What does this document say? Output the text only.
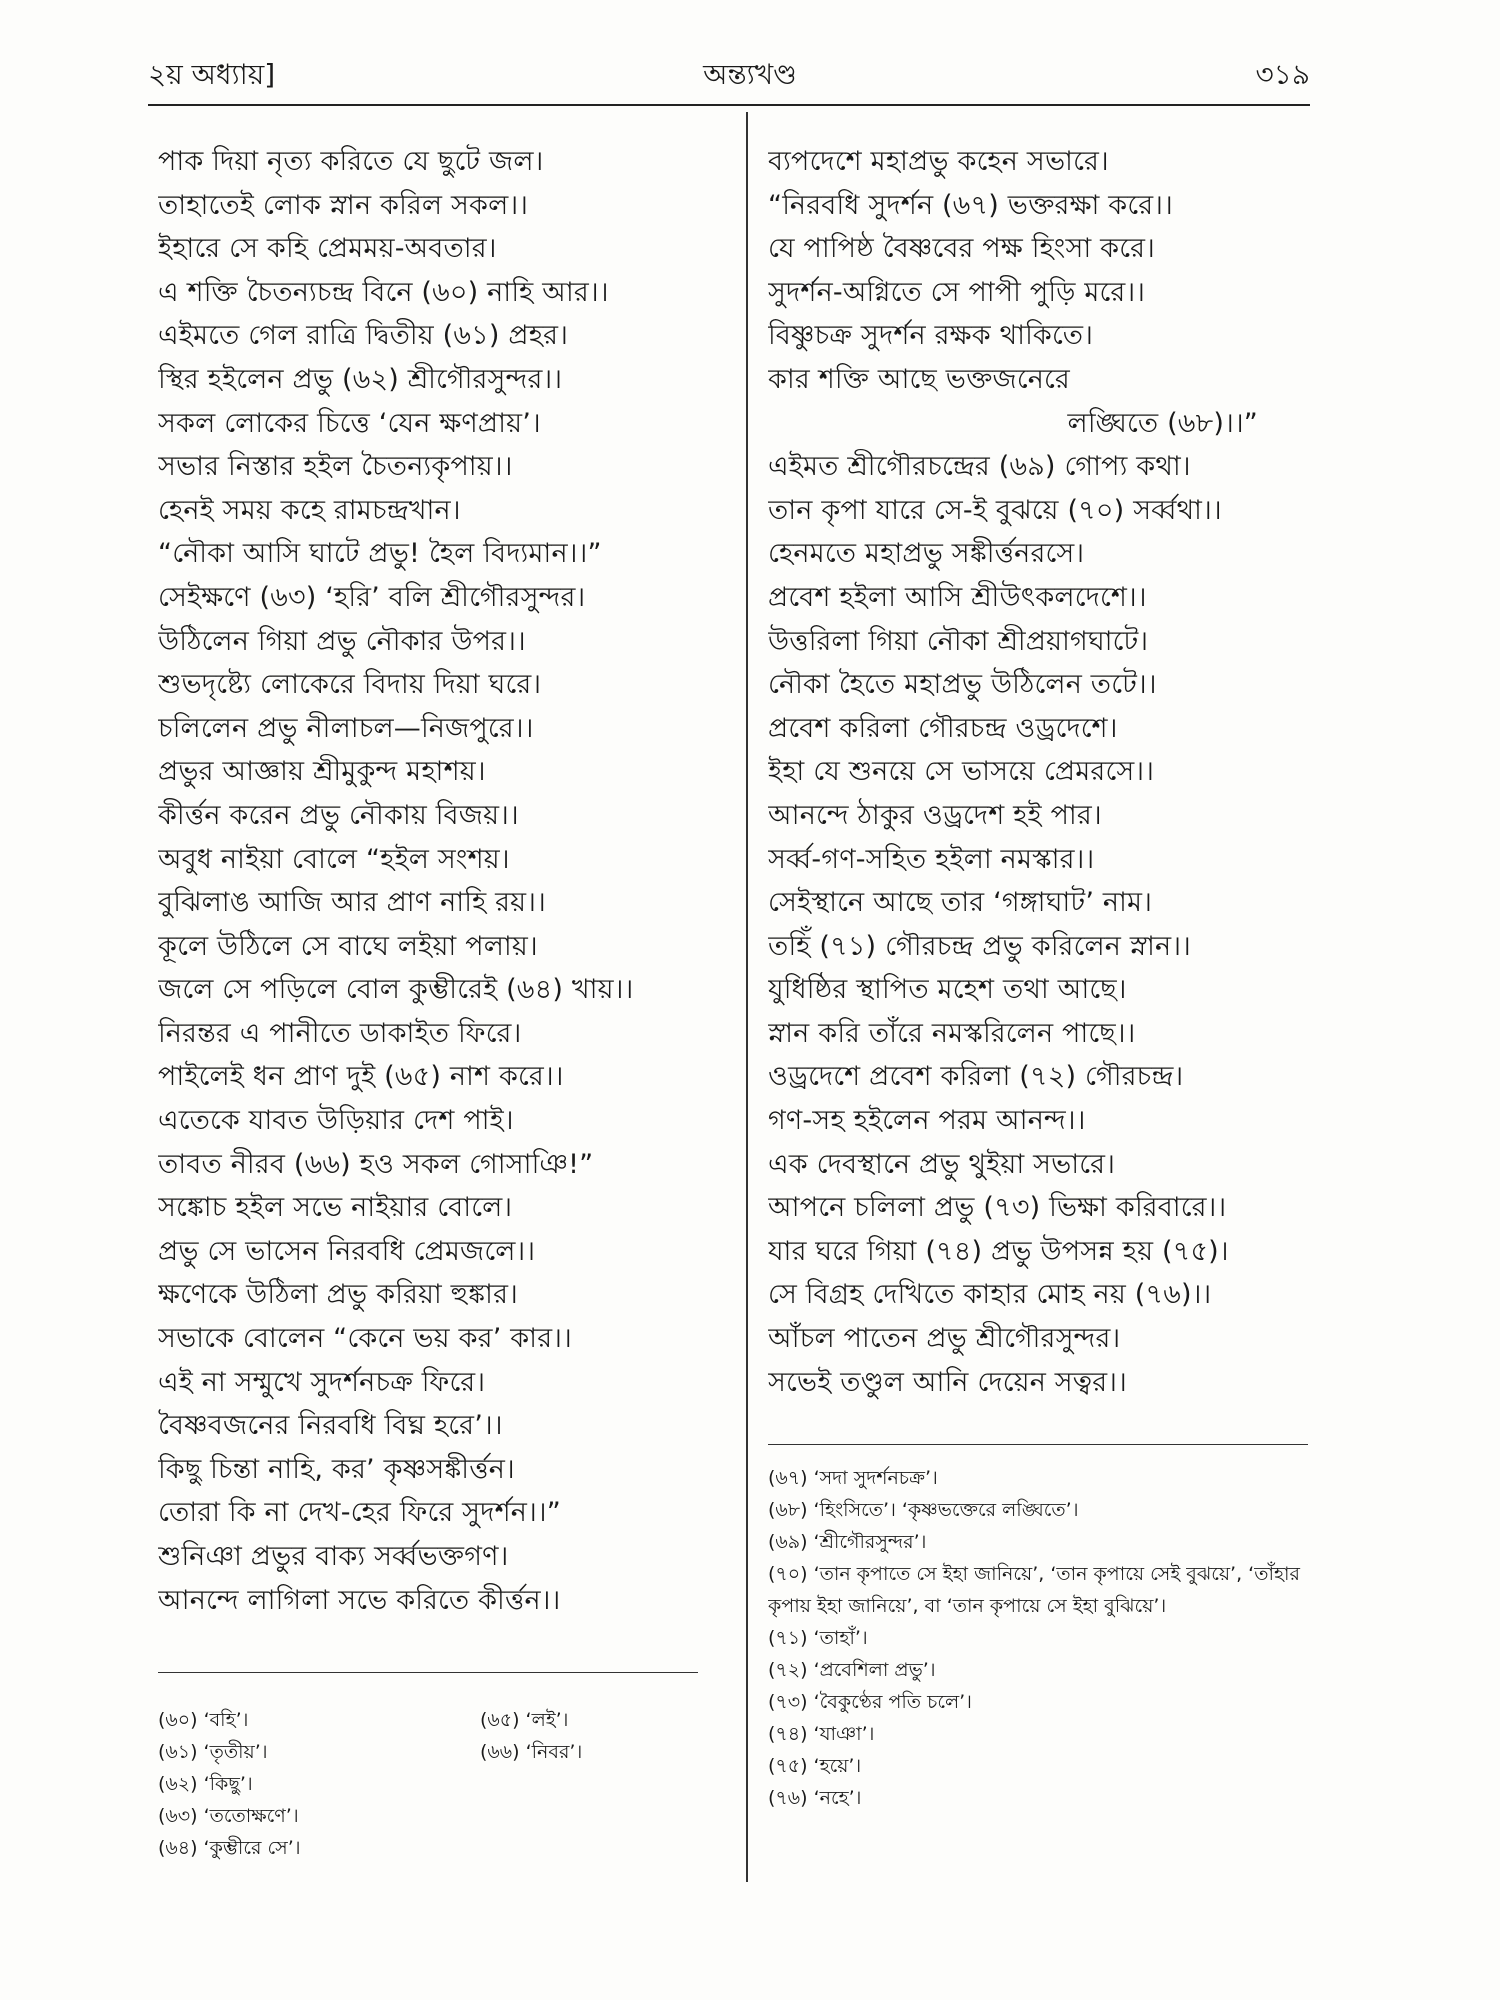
২য় অধ্যায়]	অন্ত্যখণ্ড	৩১৯
পাক দিয়া নৃত্য করিতে যে ছুটে জল।
তাহাতেই লোক স্নান করিল সকল।।
ইহারে সে কহি প্রেমময়-অবতার।
এ শক্তি চৈতন্যচন্দ্র বিনে (৬০) নাহি আর।।
এইমতে গেল রাত্রি দ্বিতীয় (৬১) প্রহর।
স্থির হইলেন প্রভু (৬২) শ্রীগৌরসুন্দর।।
সকল লোকের চিত্তে ‘যেন ক্ষণপ্রায়’।
সভার নিস্তার হইল চৈতন্যকৃপায়।।
হেনই সময় কহে রামচন্দ্রখান।
“নৌকা আসি ঘাটে প্রভু! হৈল বিদ্যমান।।”
সেইক্ষণে (৬৩) ‘হরি’ বলি শ্রীগৌরসুন্দর।
উঠিলেন গিয়া প্রভু নৌকার উপর।।
শুভদৃষ্ট্যে লোকেরে বিদায় দিয়া ঘরে।
চলিলেন প্রভু নীলাচল—নিজপুরে।।
প্রভুর আজ্ঞায় শ্রীমুকুন্দ মহাশয়।
কীর্ত্তন করেন প্রভু নৌকায় বিজয়।।
অবুধ নাইয়া বোলে “হইল সংশয়।
বুঝিলাঙ আজি আর প্রাণ নাহি রয়।।
কূলে উঠিলে সে বাঘে লইয়া পলায়।
জলে সে পড়িলে বোল কুম্ভীরেই (৬৪) খায়।।
নিরন্তর এ পানীতে ডাকাইত ফিরে।
পাইলেই ধন প্রাণ দুই (৬৫) নাশ করে।।
এতেকে যাবত উড়িয়ার দেশ পাই।
তাবত নীরব (৬৬) হও সকল গোসাঞি!”
সঙ্কোচ হইল সভে নাইয়ার বোলে।
প্রভু সে ভাসেন নিরবধি প্রেমজলে।।
ক্ষণেকে উঠিলা প্রভু করিয়া হুঙ্কার।
সভাকে বোলেন “কেনে ভয় কর’ কার।।
এই না সম্মুখে সুদর্শনচক্র ফিরে।
বৈষ্ণবজনের নিরবধি বিঘ্ন হরে’।।
কিছু চিন্তা নাহি, কর’ কৃষ্ণসঙ্কীর্ত্তন।
তোরা কি না দেখ-হের ফিরে সুদর্শন।।”
শুনিঞা প্রভুর বাক্য সর্ব্বভক্তগণ।
আনন্দে লাগিলা সভে করিতে কীর্ত্তন।।
ব্যপদেশে মহাপ্রভু কহেন সভারে।
“নিরবধি সুদর্শন (৬৭) ভক্তরক্ষা করে।।
যে পাপিষ্ঠ বৈষ্ণবের পক্ষ হিংসা করে।
সুদর্শন-অগ্নিতে সে পাপী পুড়ি মরে।।
বিষ্ণুচক্র সুদর্শন রক্ষক থাকিতে।
কার শক্তি আছে ভক্তজনেরে
লঙ্ঘিতে (৬৮)।।”
এইমত শ্রীগৌরচন্দ্রের (৬৯) গোপ্য কথা।
তান কৃপা যারে সে-ই বুঝয়ে (৭০) সর্ব্বথা।।
হেনমতে মহাপ্রভু সঙ্কীর্ত্তনরসে।
প্রবেশ হইলা আসি শ্রীউৎকলদেশে।।
উত্তরিলা গিয়া নৌকা শ্রীপ্রয়াগঘাটে।
নৌকা হৈতে মহাপ্রভু উঠিলেন তটে।।
প্রবেশ করিলা গৌরচন্দ্র ওড্রদেশে।
ইহা যে শুনয়ে সে ভাসয়ে প্রেমরসে।।
আনন্দে ঠাকুর ওড্রদেশ হই পার।
সর্ব্ব-গণ-সহিত হইলা নমস্কার।।
সেইস্থানে আছে তার ‘গঙ্গাঘাট’ নাম।
তহিঁ (৭১) গৌরচন্দ্র প্রভু করিলেন স্নান।।
যুধিষ্ঠির স্থাপিত মহেশ তথা আছে।
স্নান করি তাঁরে নমস্করিলেন পাছে।।
ওড্রদেশে প্রবেশ করিলা (৭২) গৌরচন্দ্র।
গণ-সহ হইলেন পরম আনন্দ।।
এক দেবস্থানে প্রভু থুইয়া সভারে।
আপনে চলিলা প্রভু (৭৩) ভিক্ষা করিবারে।।
যার ঘরে গিয়া (৭৪) প্রভু উপসন্ন হয় (৭৫)।
সে বিগ্রহ দেখিতে কাহার মোহ নয় (৭৬)।।
আঁচল পাতেন প্রভু শ্রীগৌরসুন্দর।
সভেই তণ্ডুল আনি দেয়েন সত্বর।।
(৬০) ‘বহি’।
(৬১) ‘তৃতীয়’।
(৬২) ‘কিছু’।
(৬৩) ‘ততোক্ষণে’।
(৬৪) ‘কুম্ভীরে সে’।
(৬৫) ‘লই’।
(৬৬) ‘নিবর’।
(৬৭) ‘সদা সুদর্শনচক্র’।
(৬৮) ‘হিংসিতে’। ‘কৃষ্ণভক্তেরে লঙ্ঘিতে’।
(৬৯) ‘শ্রীগৌরসুন্দর’।
(৭০) ‘তান কৃপাতে সে ইহা জানিয়ে’, ‘তান কৃপায়ে সেই বুঝয়ে’, ‘তাঁহার কৃপায় ইহা জানিয়ে’, বা ‘তান কৃপায়ে সে ইহা বুঝিয়ে’।
(৭১) ‘তাহাঁ’।
(৭২) ‘প্রবেশিলা প্রভু’।
(৭৩) ‘বৈকুণ্ঠের পতি চলে’।
(৭৪) ‘যাঞা’।
(৭৫) ‘হয়ে’।
(৭৬) ‘নহে’।
